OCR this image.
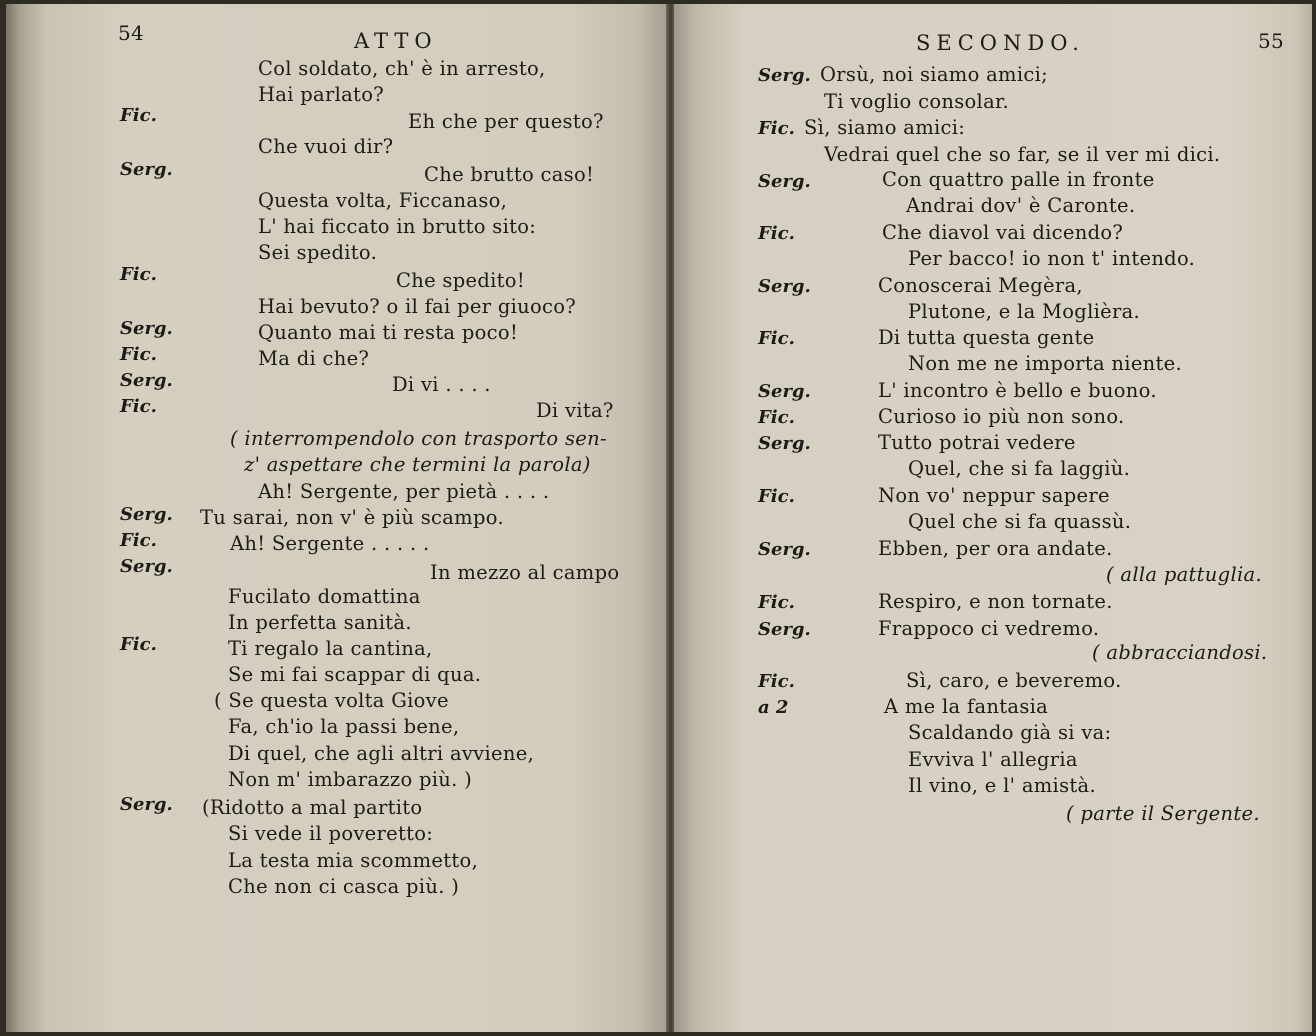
54	ATTO
Col soldato, ch' è in arresto,
Hai parlato?
Fic.	Eh che per questo?
Che vuoi dir?
Serg.	Che brutto caso!
Questa volta, Ficcanaso,
L' hai ficcato in brutto sito:
Sei spedito.
Fic.	Che spedito!
Hai bevuto? o il fai per giuoco?
Serg.	Quanto mai ti resta poco!
Fic.	Ma di che?
Serg.	Di vi . . . .
Fic.	Di vita?
( interrompendolo con trasporto sen-
z' aspettare che termini la parola)
Ah! Sergente, per pietà . . . .
Serg. Tu sarai, non v' è più scampo.
Fic.	Ah! Sergente . . . . .
Serg.	In mezzo al campo
Fucilato domattina
In perfetta sanità.
Fic.	Ti regalo la cantina,
Se mi fai scappar di qua.
( Se questa volta Giove
Fa, ch'io la passi bene,
Di quel, che agli altri avviene,
Non m' imbarazzo più. )
Serg. (Ridotto a mal partito
Si vede il poveretto:
La testa mia scommetto,
Che non ci casca più. )
SECONDO.	55
Serg. Orsù, noi siamo amici;
Ti voglio consolar.
Fic. Sì, siamo amici:
Vedrai quel che so far, se il ver mi dici.
Serg.	Con quattro palle in fronte
Andrai dov' è Caronte.
Fic.	Che diavol vai dicendo?
Per bacco! io non t' intendo.
Serg.	Conoscerai Megèra,
Plutone, e la Moglièra.
Fic.	Di tutta questa gente
Non me ne importa niente.
Serg.	L' incontro è bello e buono.
Fic.	Curioso io più non sono.
Serg.	Tutto potrai vedere
Quel, che si fa laggiù.
Fic.	Non vo' neppur sapere
Quel che si fa quassù.
Serg.	Ebben, per ora andate.
( alla pattuglia.
Fic.	Respiro, e non tornate.
Serg.	Frappoco ci vedremo.
( abbracciandosi.
Fic.	Sì, caro, e beveremo.
a 2	A me la fantasia
Scaldando già si va:
Evviva l' allegria
Il vino, e l' amistà.
( parte il Sergente.
